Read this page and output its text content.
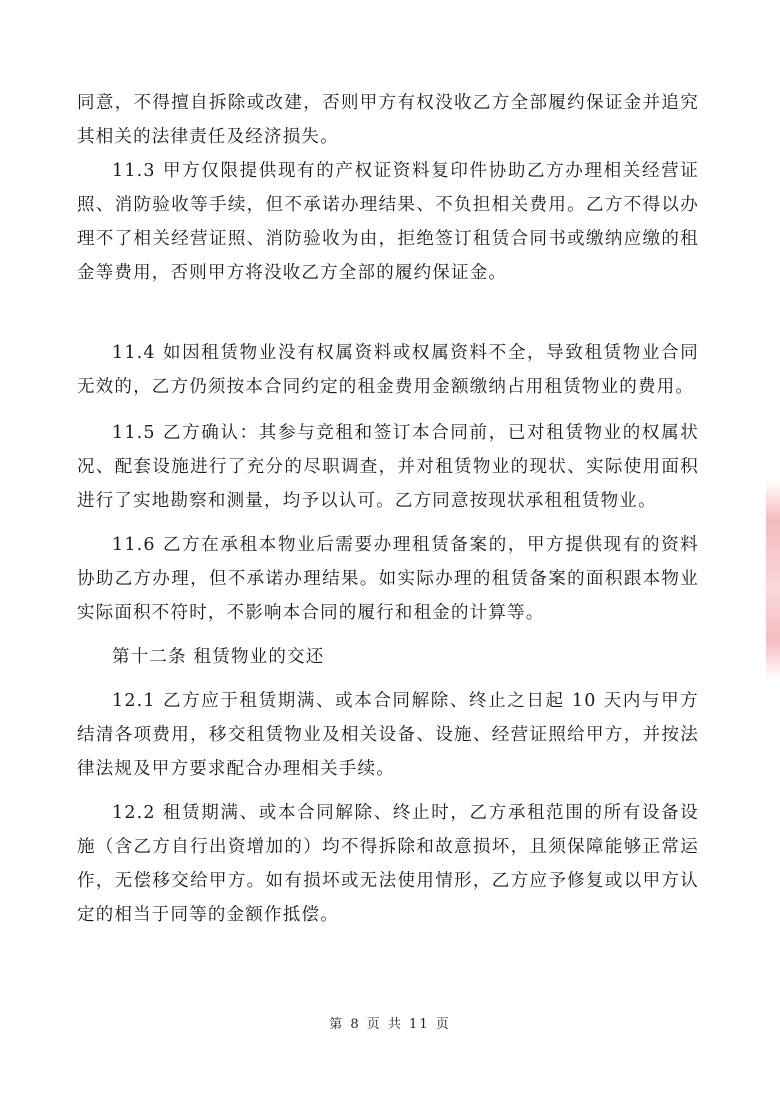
同意，不得擅自拆除或改建，否则甲方有权没收乙方全部履约保证金并追究其相关的法律责任及经济损失。

11.3 甲方仅限提供现有的产权证资料复印件协助乙方办理相关经营证照、消防验收等手续，但不承诺办理结果、不负担相关费用。乙方不得以办理不了相关经营证照、消防验收为由，拒绝签订租赁合同书或缴纳应缴的租金等费用，否则甲方将没收乙方全部的履约保证金。

11.4 如因租赁物业没有权属资料或权属资料不全，导致租赁物业合同无效的，乙方仍须按本合同约定的租金费用金额缴纳占用租赁物业的费用。

11.5 乙方确认：其参与竞租和签订本合同前，已对租赁物业的权属状况、配套设施进行了充分的尽职调查，并对租赁物业的现状、实际使用面积进行了实地勘察和测量，均予以认可。乙方同意按现状承租租赁物业。

11.6 乙方在承租本物业后需要办理租赁备案的，甲方提供现有的资料协助乙方办理，但不承诺办理结果。如实际办理的租赁备案的面积跟本物业实际面积不符时，不影响本合同的履行和租金的计算等。

第十二条 租赁物业的交还

12.1 乙方应于租赁期满、或本合同解除、终止之日起 10 天内与甲方结清各项费用，移交租赁物业及相关设备、设施、经营证照给甲方，并按法律法规及甲方要求配合办理相关手续。

12.2 租赁期满、或本合同解除、终止时，乙方承租范围的所有设备设施（含乙方自行出资增加的）均不得拆除和故意损坏，且须保障能够正常运作，无偿移交给甲方。如有损坏或无法使用情形，乙方应予修复或以甲方认定的相当于同等的金额作抵偿。

第 8 页 共 11 页
